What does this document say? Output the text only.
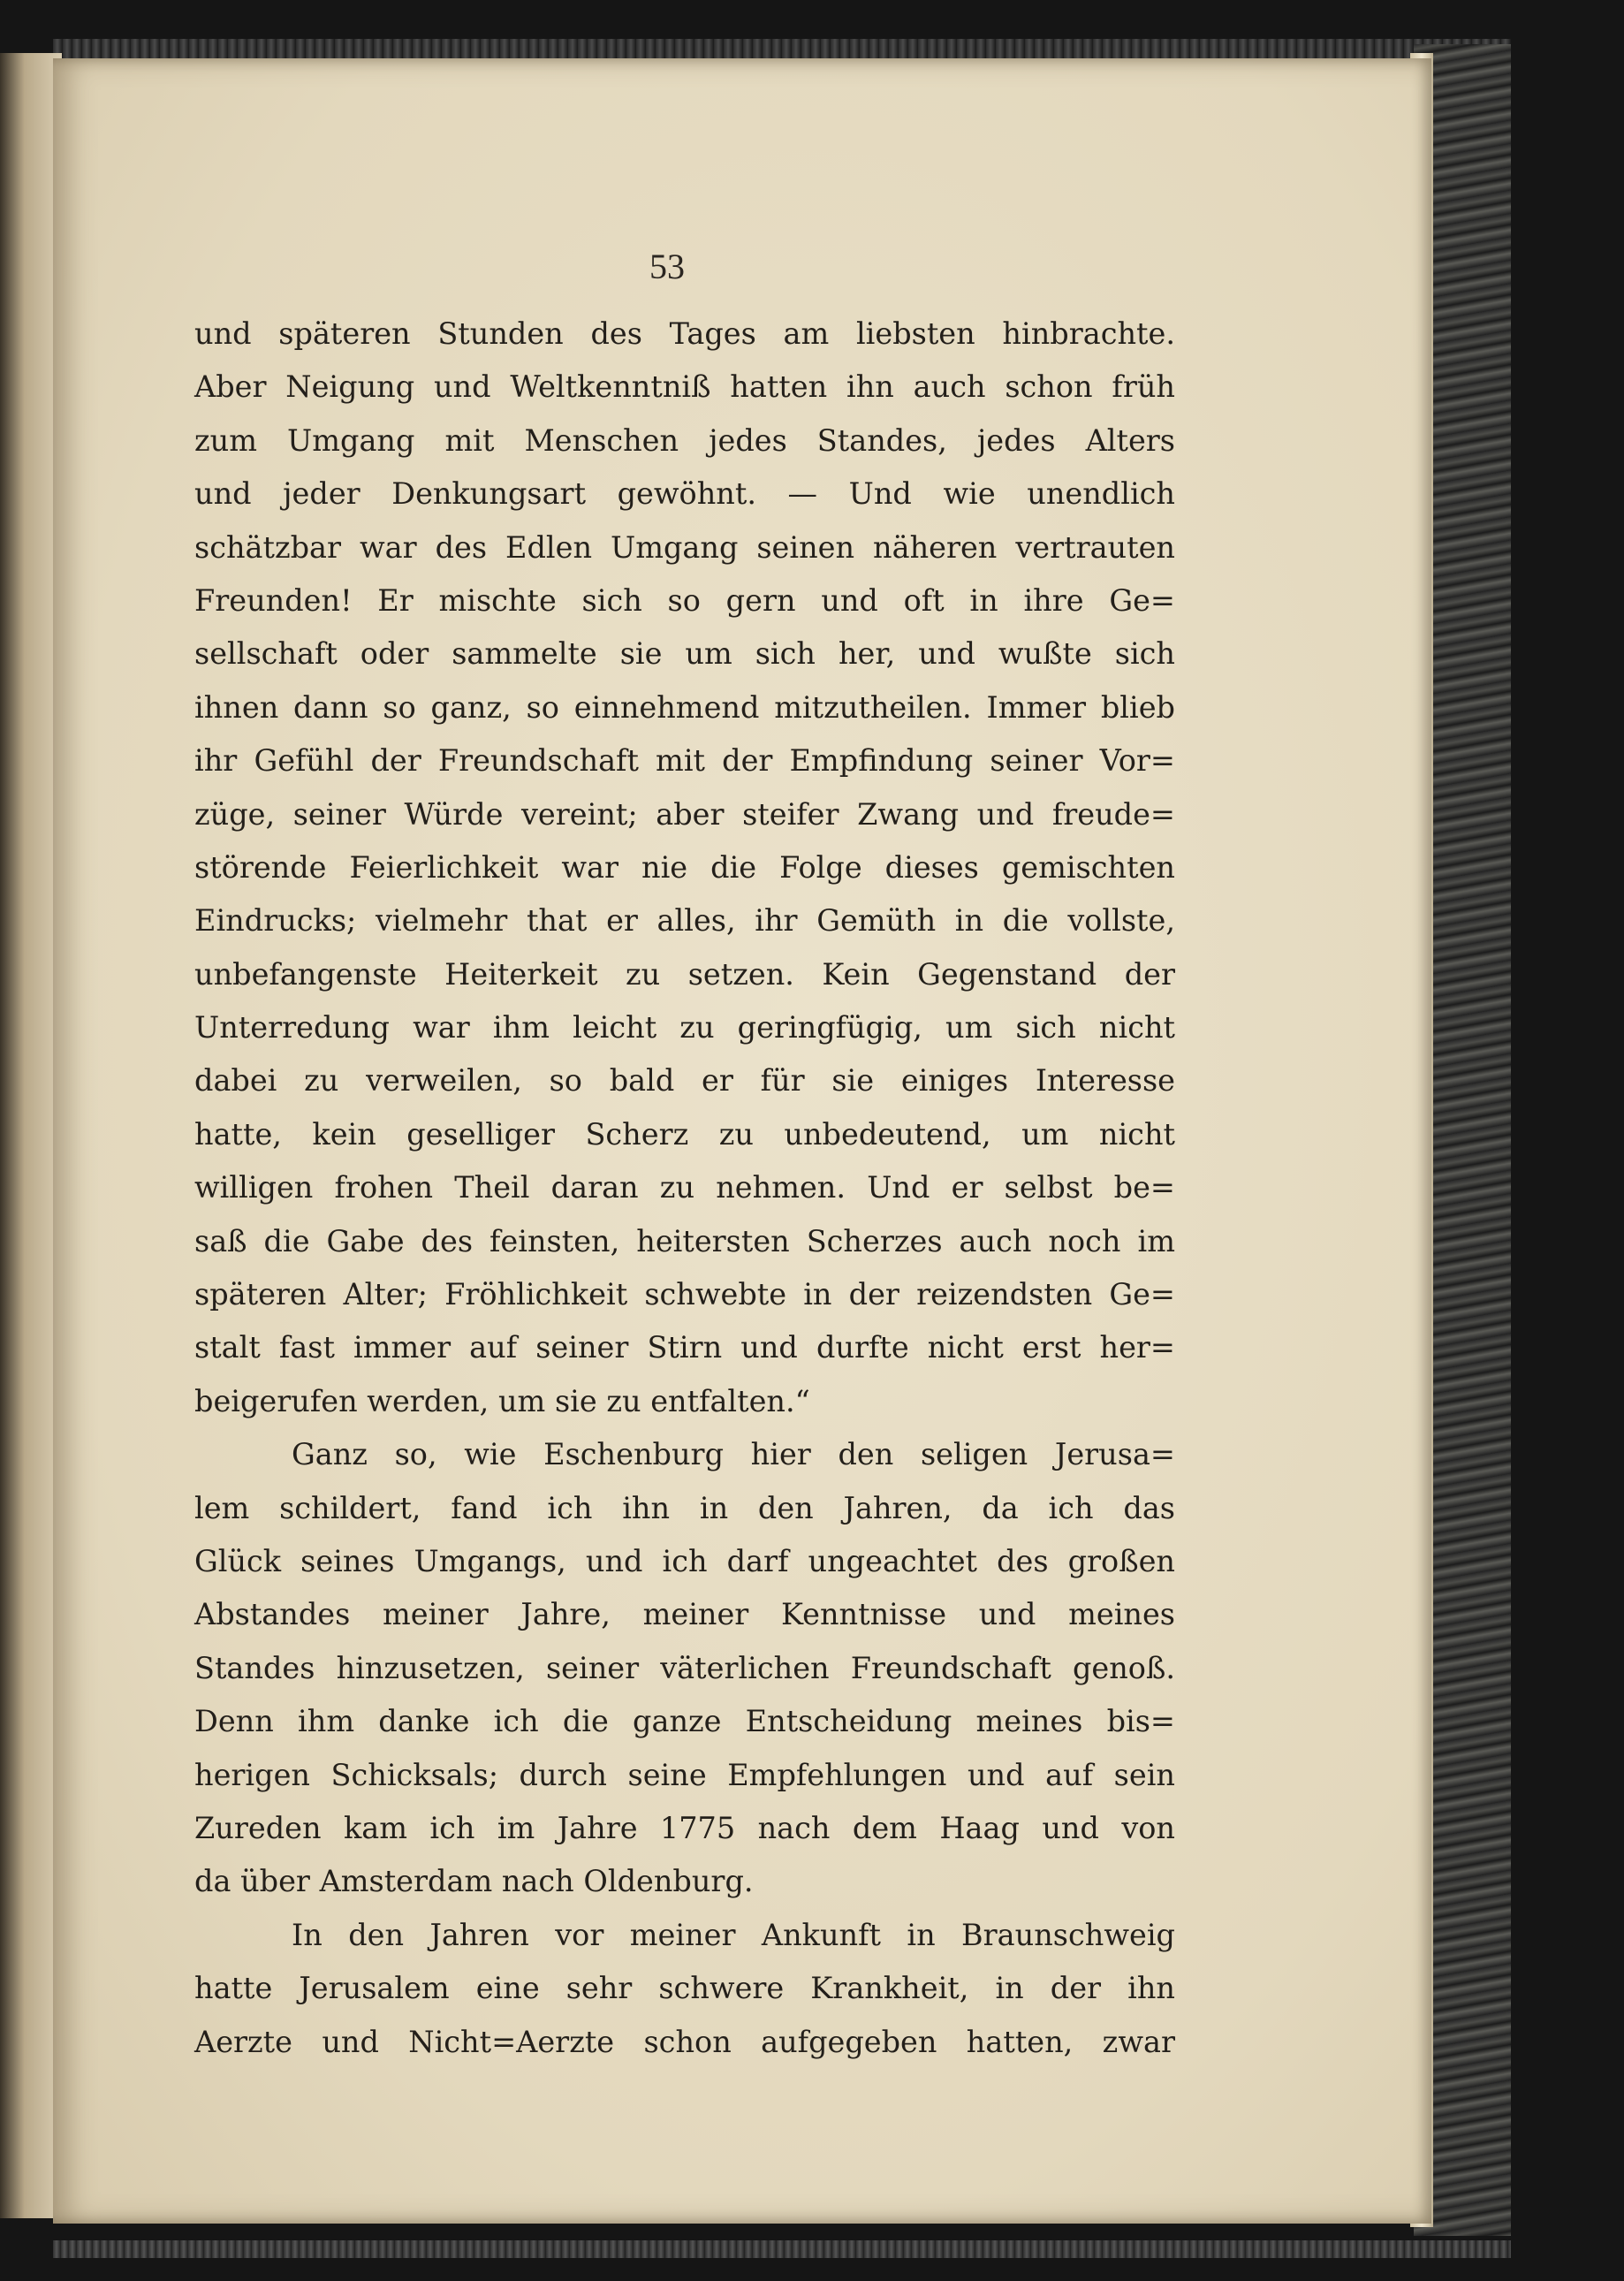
53
und späteren Stunden des Tages am liebsten hinbrachte.
Aber Neigung und Weltkenntniß hatten ihn auch schon früh
zum Umgang mit Menschen jedes Standes, jedes Alters
und jeder Denkungsart gewöhnt. — Und wie unendlich
schätzbar war des Edlen Umgang seinen näheren vertrauten
Freunden! Er mischte sich so gern und oft in ihre Ge=
sellschaft oder sammelte sie um sich her, und wußte sich
ihnen dann so ganz, so einnehmend mitzutheilen. Immer blieb
ihr Gefühl der Freundschaft mit der Empfindung seiner Vor=
züge, seiner Würde vereint; aber steifer Zwang und freude=
störende Feierlichkeit war nie die Folge dieses gemischten
Eindrucks; vielmehr that er alles, ihr Gemüth in die vollste,
unbefangenste Heiterkeit zu setzen. Kein Gegenstand der
Unterredung war ihm leicht zu geringfügig, um sich nicht
dabei zu verweilen, so bald er für sie einiges Interesse
hatte, kein geselliger Scherz zu unbedeutend, um nicht
willigen frohen Theil daran zu nehmen. Und er selbst be=
saß die Gabe des feinsten, heitersten Scherzes auch noch im
späteren Alter; Fröhlichkeit schwebte in der reizendsten Ge=
stalt fast immer auf seiner Stirn und durfte nicht erst her=
beigerufen werden, um sie zu entfalten.“
Ganz so, wie Eschenburg hier den seligen Jerusa=
lem schildert, fand ich ihn in den Jahren, da ich das
Glück seines Umgangs, und ich darf ungeachtet des großen
Abstandes meiner Jahre, meiner Kenntnisse und meines
Standes hinzusetzen, seiner väterlichen Freundschaft genoß.
Denn ihm danke ich die ganze Entscheidung meines bis=
herigen Schicksals; durch seine Empfehlungen und auf sein
Zureden kam ich im Jahre 1775 nach dem Haag und von
da über Amsterdam nach Oldenburg.
In den Jahren vor meiner Ankunft in Braunschweig
hatte Jerusalem eine sehr schwere Krankheit, in der ihn
Aerzte und Nicht=Aerzte schon aufgegeben hatten, zwar
